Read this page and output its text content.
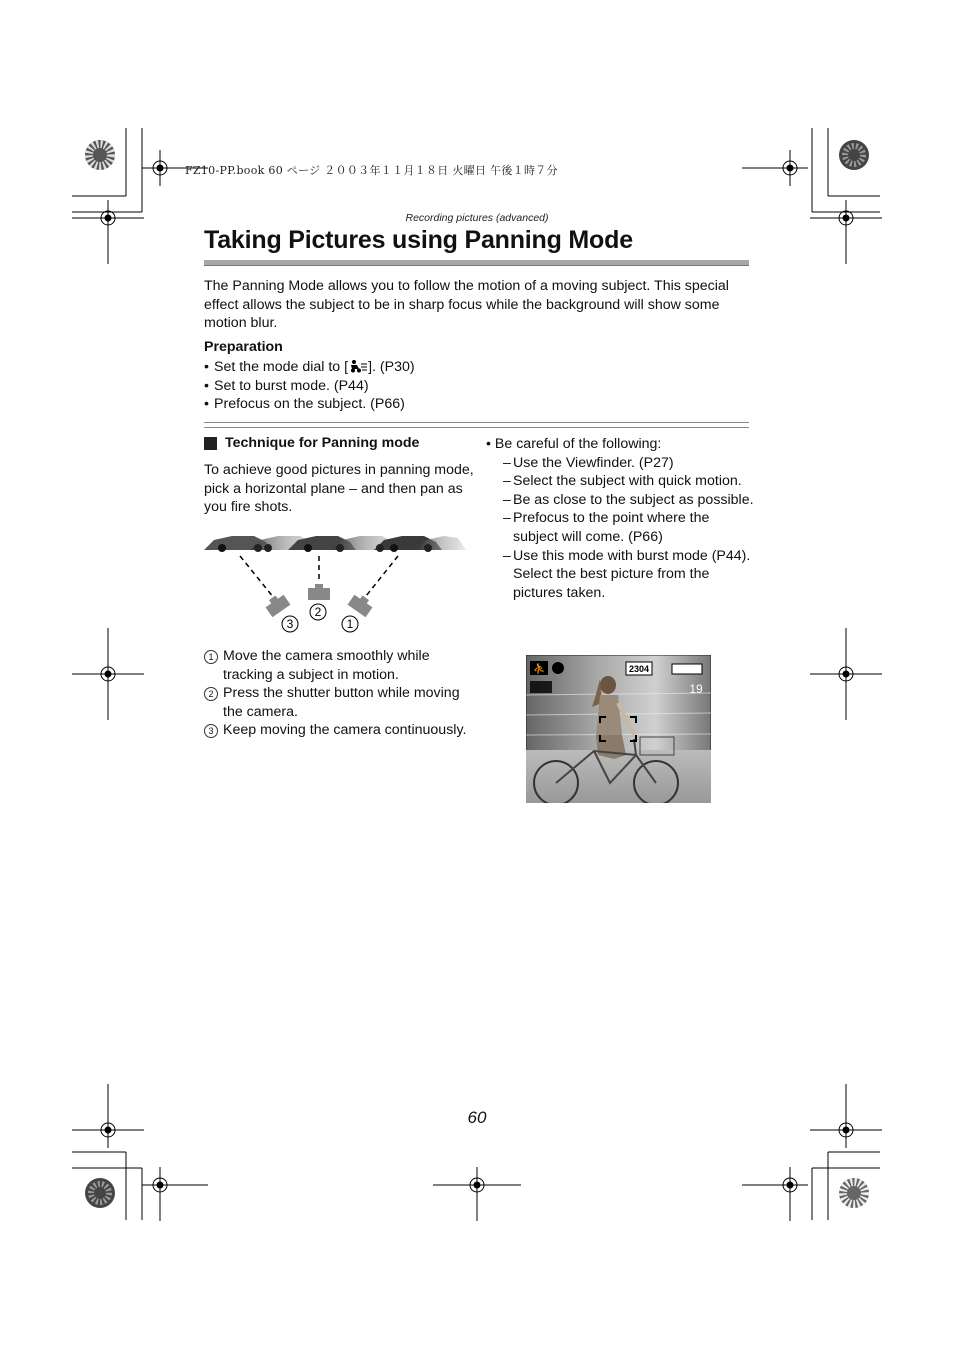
FZ10-PP.book 60 ページ ２００３年１１月１８日 火曜日 午後１時７分
Recording pictures (advanced)
Taking Pictures using Panning Mode
The Panning Mode allows you to follow the motion of a moving subject. This special effect allows the subject to be in sharp focus while the background will show some motion blur.
Preparation
• Set the mode dial to [ ]. (P30)
• Set to burst mode. (P44)
• Prefocus on the subject. (P66)
Technique for Panning mode
To achieve good pictures in panning mode, pick a horizontal plane – and then pan as you fire shots.
3
2
1
1 Move the camera smoothly while tracking a subject in motion.
2 Press the shutter button while moving the camera.
3 Keep moving the camera continuously.
• Be careful of the following:
– Use the Viewfinder. (P27)
– Select the subject with quick motion.
– Be as close to the subject as possible.
– Prefocus to the point where the subject will come. (P66)
– Use this mode with burst mode (P44). Select the best picture from the pictures taken.
⛹	2304
19
60
